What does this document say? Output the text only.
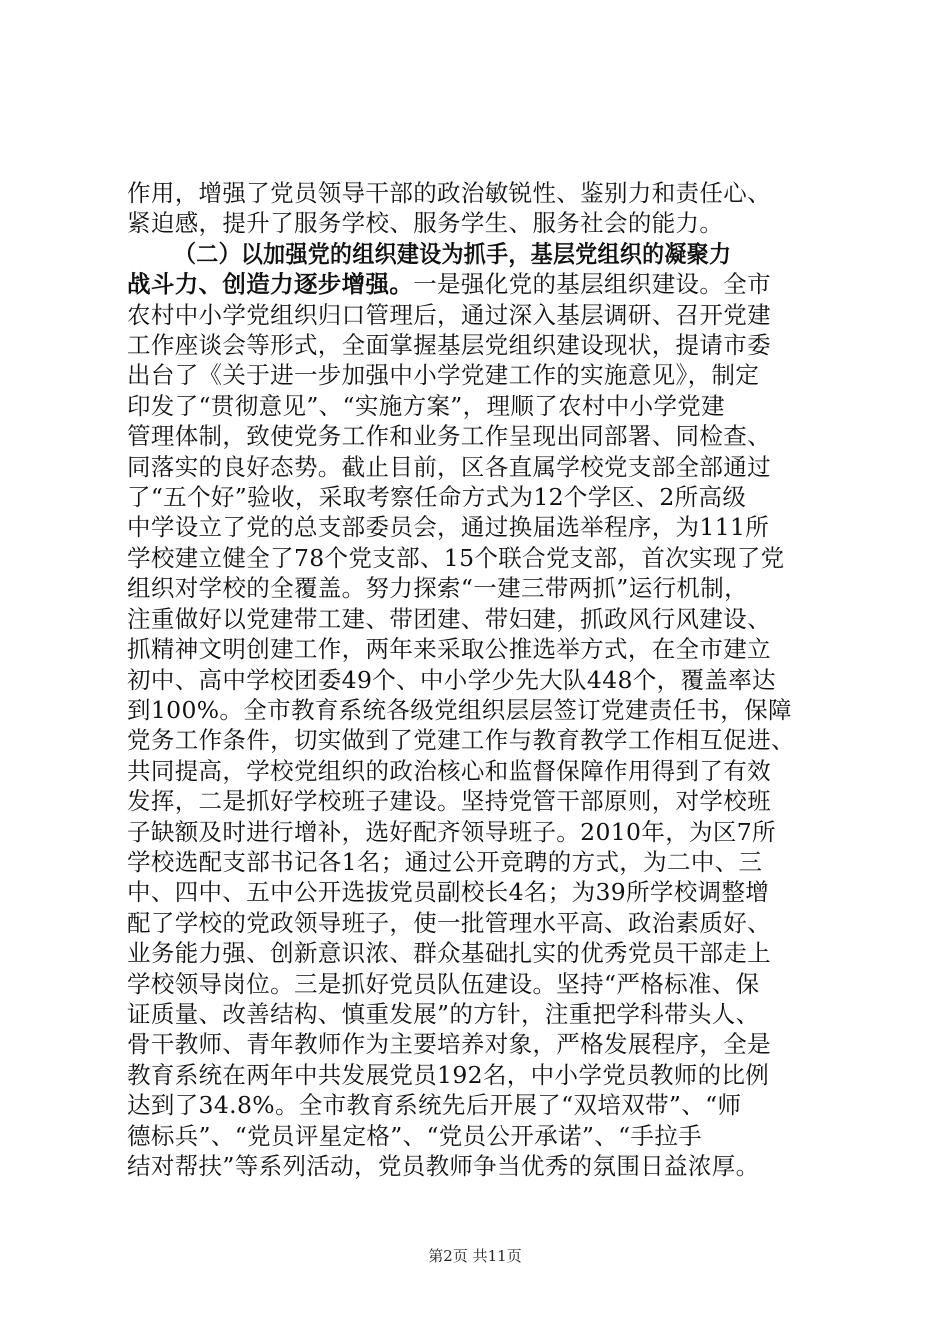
作用，增强了党员领导干部的政治敏锐性、鉴别力和责任心、
紧迫感，提升了服务学校、服务学生、服务社会的能力。
（二）以加强党的组织建设为抓手，基层党组织的凝聚力
战斗力、创造力逐步增强。一是强化党的基层组织建设。全市
农村中小学党组织归口管理后，通过深入基层调研、召开党建
工作座谈会等形式，全面掌握基层党组织建设现状，提请市委
出台了《关于进一步加强中小学党建工作的实施意见》，制定
印发了“贯彻意见”、“实施方案”，理顺了农村中小学党建
管理体制，致使党务工作和业务工作呈现出同部署、同检查、
同落实的良好态势。截止目前，区各直属学校党支部全部通过
了“五个好”验收，采取考察任命方式为12个学区、2所高级
中学设立了党的总支部委员会，通过换届选举程序，为111所
学校建立健全了78个党支部、15个联合党支部，首次实现了党
组织对学校的全覆盖。努力探索“一建三带两抓”运行机制，
注重做好以党建带工建、带团建、带妇建，抓政风行风建设、
抓精神文明创建工作，两年来采取公推选举方式，在全市建立
初中、高中学校团委49个、中小学少先大队448个，覆盖率达
到100%。全市教育系统各级党组织层层签订党建责任书，保障
党务工作条件，切实做到了党建工作与教育教学工作相互促进、
共同提高，学校党组织的政治核心和监督保障作用得到了有效
发挥，二是抓好学校班子建设。坚持党管干部原则，对学校班
子缺额及时进行增补，选好配齐领导班子。2010年，为区7所
学校选配支部书记各1名；通过公开竞聘的方式，为二中、三
中、四中、五中公开选拔党员副校长4名；为39所学校调整增
配了学校的党政领导班子，使一批管理水平高、政治素质好、
业务能力强、创新意识浓、群众基础扎实的优秀党员干部走上
学校领导岗位。三是抓好党员队伍建设。坚持“严格标准、保
证质量、改善结构、慎重发展”的方针，注重把学科带头人、
骨干教师、青年教师作为主要培养对象，严格发展程序，全是
教育系统在两年中共发展党员192名，中小学党员教师的比例
达到了34.8%。全市教育系统先后开展了“双培双带”、“师
德标兵”、“党员评星定格”、“党员公开承诺”、“手拉手
结对帮扶”等系列活动，党员教师争当优秀的氛围日益浓厚。
第2页 共11页
